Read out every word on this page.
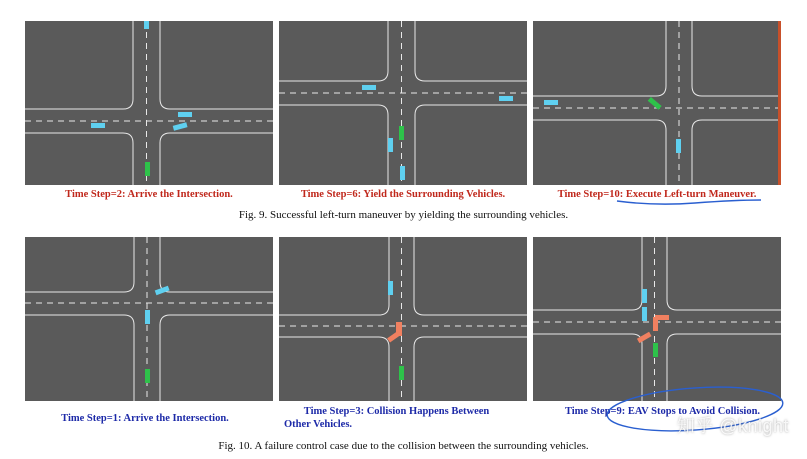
Time Step=2: Arrive the Intersection.	Time Step=6: Yield the Surrounding Vehicles.	Time Step=10: Execute Left-turn Maneuver.
Fig. 9. Successful left-turn maneuver by yielding the surrounding vehicles.
Time Step=1: Arrive the Intersection.
Time Step=3: Collision Happens Between
Other Vehicles.
Time Step=9: EAV Stops to Avoid Collision.
Fig. 10. A failure control case due to the collision between the surrounding vehicles.
知乎 @knight
